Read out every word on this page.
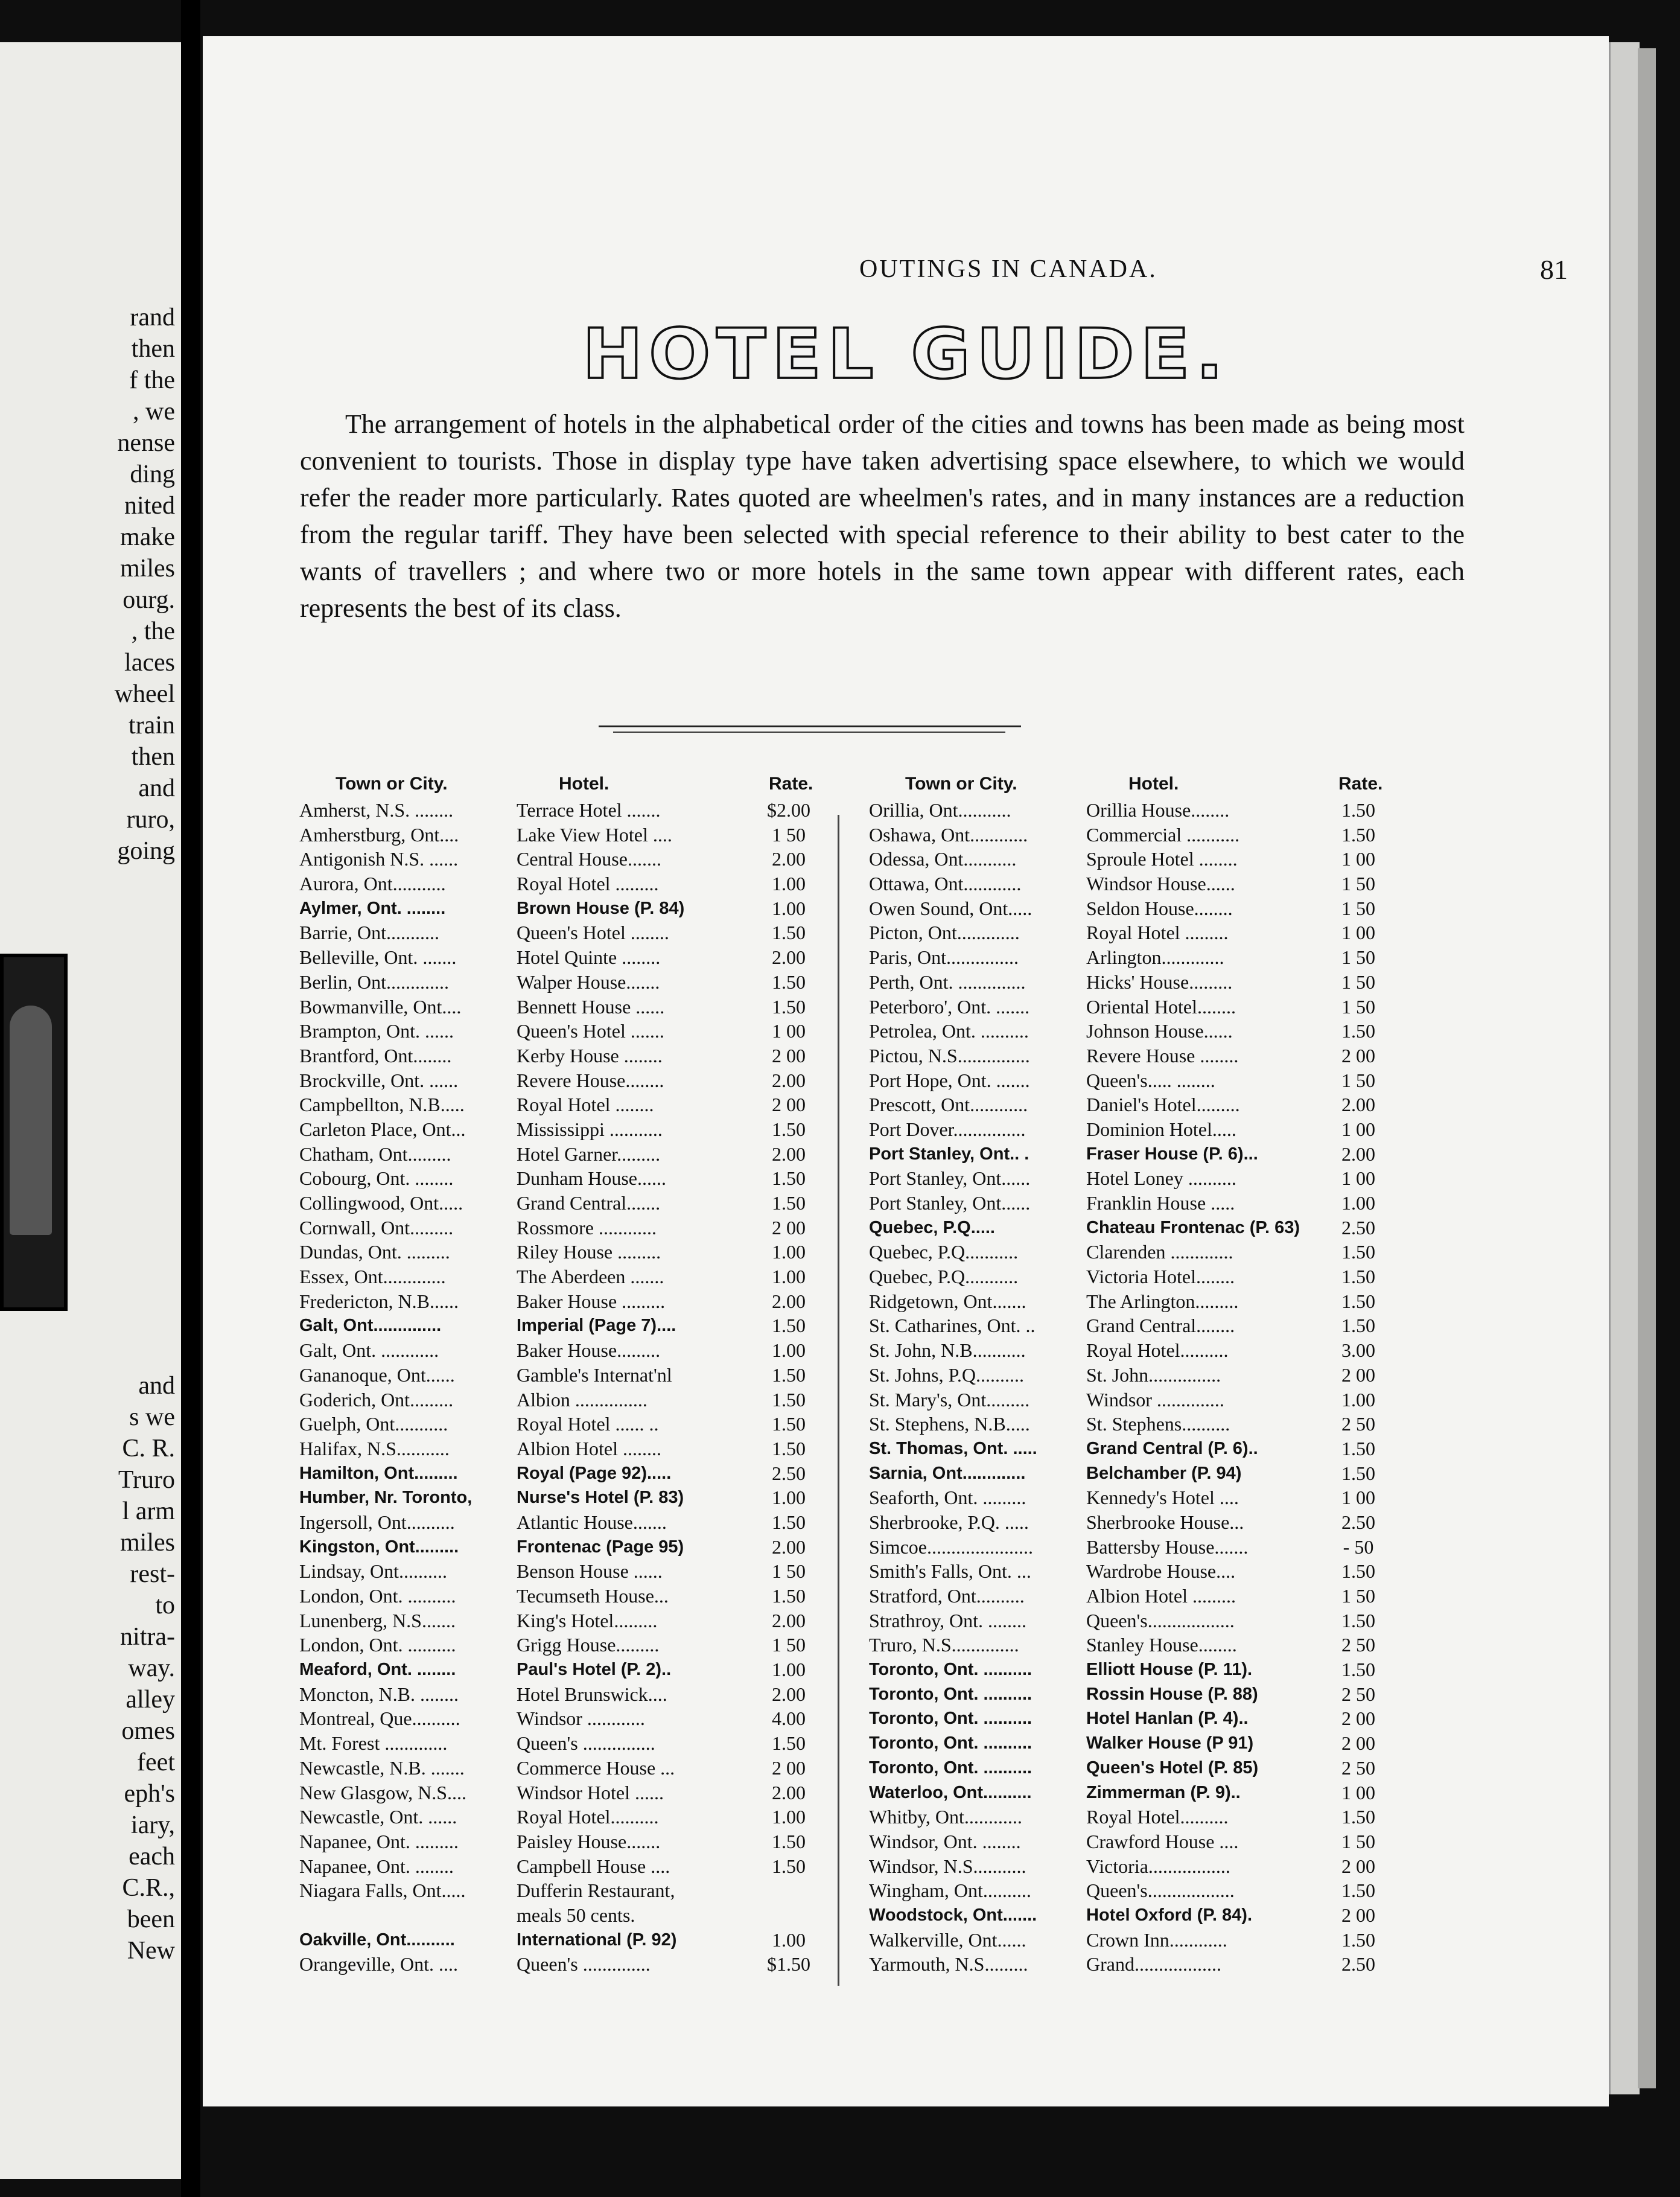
rand
then
f the
, we
nense
ding
nited
make
miles
ourg.
, the
laces
wheel
train
then
and
ruro,
going
and
s we
C. R.
Truro
l arm
miles
rest-
to
nitra-
way.
alley
omes
feet
eph's
iary,
each
C.R.,
been
New
OUTINGS IN CANADA.	81
HOTEL GUIDE.
The arrangement of hotels in the alphabetical order of the cities and towns has been made as being most convenient to tourists. Those in display type have taken advertising space elsewhere, to which we would refer the reader more particularly. Rates quoted are wheelmen's rates, and in many instances are a reduction from the regular tariff. They have been selected with special reference to their ability to best cater to the wants of travellers ; and where two or more hotels in the same town appear with different rates, each represents the best of its class.
Town or City.	Hotel.	Rate.
Amherst, N.S. ........	Terrace Hotel .......	$2.00
Amherstburg, Ont....	Lake View Hotel ....	1 50
Antigonish N.S. ......	Central House.......	2.00
Aurora, Ont...........	Royal Hotel .........	1.00
Aylmer, Ont. ........	Brown House (P. 84)	1.00
Barrie, Ont...........	Queen's Hotel ........	1.50
Belleville, Ont. .......	Hotel Quinte ........	2.00
Berlin, Ont.............	Walper House.......	1.50
Bowmanville, Ont....	Bennett House ......	1.50
Brampton, Ont. ......	Queen's Hotel .......	1 00
Brantford, Ont........	Kerby House ........	2 00
Brockville, Ont. ......	Revere House........	2.00
Campbellton, N.B.....	Royal Hotel ........	2 00
Carleton Place, Ont...	Mississippi ...........	1.50
Chatham, Ont.........	Hotel Garner.........	2.00
Cobourg, Ont. ........	Dunham House......	1.50
Collingwood, Ont.....	Grand Central.......	1.50
Cornwall, Ont.........	Rossmore ............	2 00
Dundas, Ont. .........	Riley House .........	1.00
Essex, Ont.............	The Aberdeen .......	1.00
Fredericton, N.B......	Baker House .........	2.00
Galt, Ont..............	Imperial (Page 7)....	1.50
Galt, Ont. ............	Baker House.........	1.00
Gananoque, Ont......	Gamble's Internat'nl	1.50
Goderich, Ont.........	Albion ...............	1.50
Guelph, Ont...........	Royal Hotel ...... ..	1.50
Halifax, N.S...........	Albion Hotel ........	1.50
Hamilton, Ont.........	Royal (Page 92).....	2.50
Humber, Nr. Toronto,	Nurse's Hotel (P. 83)	1.00
Ingersoll, Ont..........	Atlantic House.......	1.50
Kingston, Ont.........	Frontenac (Page 95)	2.00
Lindsay, Ont..........	Benson House ......	1 50
London, Ont. ..........	Tecumseth House...	1.50
Lunenberg, N.S.......	King's Hotel.........	2.00
London, Ont. ..........	Grigg House.........	1 50
Meaford, Ont. ........	Paul's Hotel (P. 2)..	1.00
Moncton, N.B. ........	Hotel Brunswick....	2.00
Montreal, Que..........	Windsor ............	4.00
Mt. Forest .............	Queen's ...............	1.50
Newcastle, N.B. .......	Commerce House ...	2 00
New Glasgow, N.S....	Windsor Hotel ......	2.00
Newcastle, Ont. ......	Royal Hotel..........	1.00
Napanee, Ont. .........	Paisley House.......	1.50
Napanee, Ont. ........	Campbell House ....	1.50
Niagara Falls, Ont.....	Dufferin Restaurant,
meals 50 cents.
Oakville, Ont..........	International (P. 92)	1.00
Orangeville, Ont. ....	Queen's ..............	$1.50
Town or City.	Hotel.	Rate.
Orillia, Ont...........	Orillia House........	1.50
Oshawa, Ont............	Commercial ...........	1.50
Odessa, Ont...........	Sproule Hotel ........	1 00
Ottawa, Ont............	Windsor House......	1 50
Owen Sound, Ont.....	Seldon House........	1 50
Picton, Ont.............	Royal Hotel .........	1 00
Paris, Ont...............	Arlington.............	1 50
Perth, Ont. ..............	Hicks' House.........	1 50
Peterboro', Ont. .......	Oriental Hotel........	1 50
Petrolea, Ont. ..........	Johnson House......	1.50
Pictou, N.S...............	Revere House ........	2 00
Port Hope, Ont. .......	Queen's..... ........	1 50
Prescott, Ont............	Daniel's Hotel.........	2.00
Port Dover...............	Dominion Hotel.....	1 00
Port Stanley, Ont.. .	Fraser House (P. 6)...	2.00
Port Stanley, Ont......	Hotel Loney ..........	1 00
Port Stanley, Ont......	Franklin House .....	1.00
Quebec, P.Q.....	Chateau Frontenac (P. 63)	2.50
Quebec, P.Q...........	Clarenden .............	1.50
Quebec, P.Q...........	Victoria Hotel........	1.50
Ridgetown, Ont.......	The Arlington.........	1.50
St. Catharines, Ont. ..	Grand Central........	1.50
St. John, N.B...........	Royal Hotel..........	3.00
St. Johns, P.Q..........	St. John...............	2 00
St. Mary's, Ont.........	Windsor ..............	1.00
St. Stephens, N.B.....	St. Stephens..........	2 50
St. Thomas, Ont. .....	Grand Central (P. 6)..	1.50
Sarnia, Ont.............	Belchamber (P. 94)	1.50
Seaforth, Ont. .........	Kennedy's Hotel ....	1 00
Sherbrooke, P.Q. .....	Sherbrooke House...	2.50
Simcoe......................	Battersby House.......	- 50
Smith's Falls, Ont. ...	Wardrobe House....	1.50
Stratford, Ont..........	Albion Hotel .........	1 50
Strathroy, Ont. ........	Queen's..................	1.50
Truro, N.S..............	Stanley House........	2 50
Toronto, Ont. ..........	Elliott House (P. 11).	1.50
Toronto, Ont. ..........	Rossin House (P. 88)	2 50
Toronto, Ont. ..........	Hotel Hanlan (P. 4)..	2 00
Toronto, Ont. ..........	Walker House (P 91)	2 00
Toronto, Ont. ..........	Queen's Hotel (P. 85)	2 50
Waterloo, Ont..........	Zimmerman (P. 9)..	1 00
Whitby, Ont............	Royal Hotel..........	1.50
Windsor, Ont. ........	Crawford House ....	1 50
Windsor, N.S...........	Victoria.................	2 00
Wingham, Ont..........	Queen's..................	1.50
Woodstock, Ont.......	Hotel Oxford (P. 84).	2 00
Walkerville, Ont......	Crown Inn............	1.50
Yarmouth, N.S.........	Grand..................	2.50
